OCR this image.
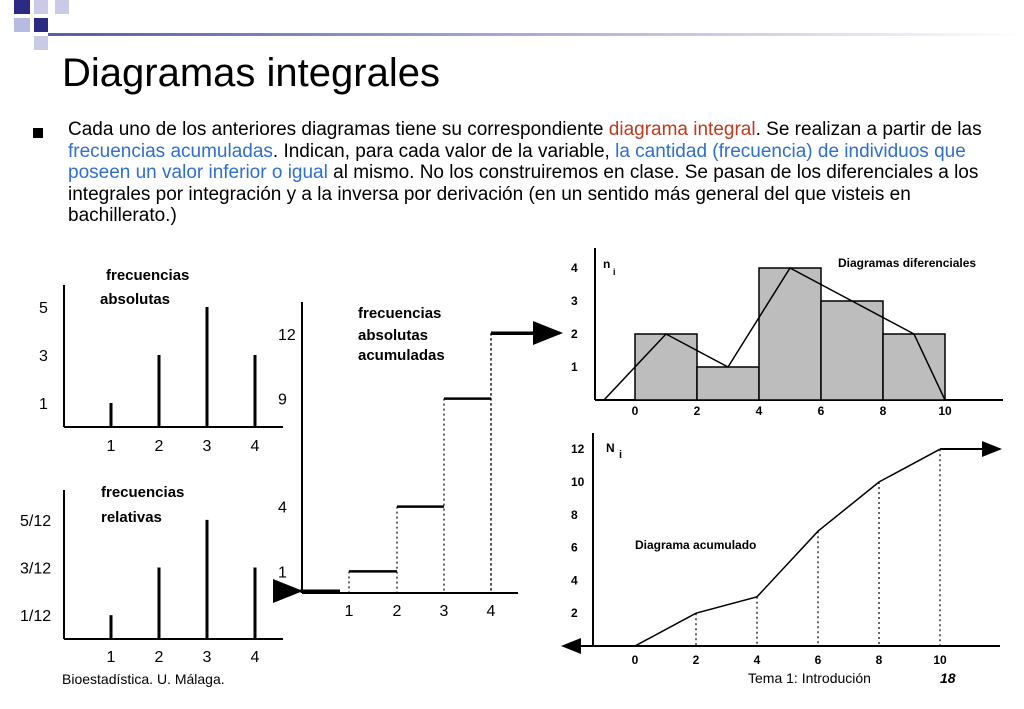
Diagramas integrales
Cada uno de los anteriores diagramas tiene su correspondiente diagrama integral. Se realizan a partir de las frecuencias acumuladas. Indican, para cada valor de la variable, la cantidad (frecuencia) de individuos que poseen un valor inferior o igual al mismo. No los construiremos en clase. Se pasan de los diferenciales a los integrales por integración y a la inversa por derivación (en un sentido más general del que visteis en bachillerato.)
frecuencias
absolutas
1 2 3 4
5
3
1
frecuencias
relativas
1 2 3 4
5/12
3/12
1/12
frecuencias
absolutas
acumuladas
1 2 3 4
12
9
4
1
n
i
Diagramas diferenciales
0	2	4	6	8	10
4
3
2
1
N i
Diagrama acumulado
0	2	4	6	8	10
12
10
8
6
4
2
Bioestadística. U. Málaga.	Tema 1: Introdución	18
